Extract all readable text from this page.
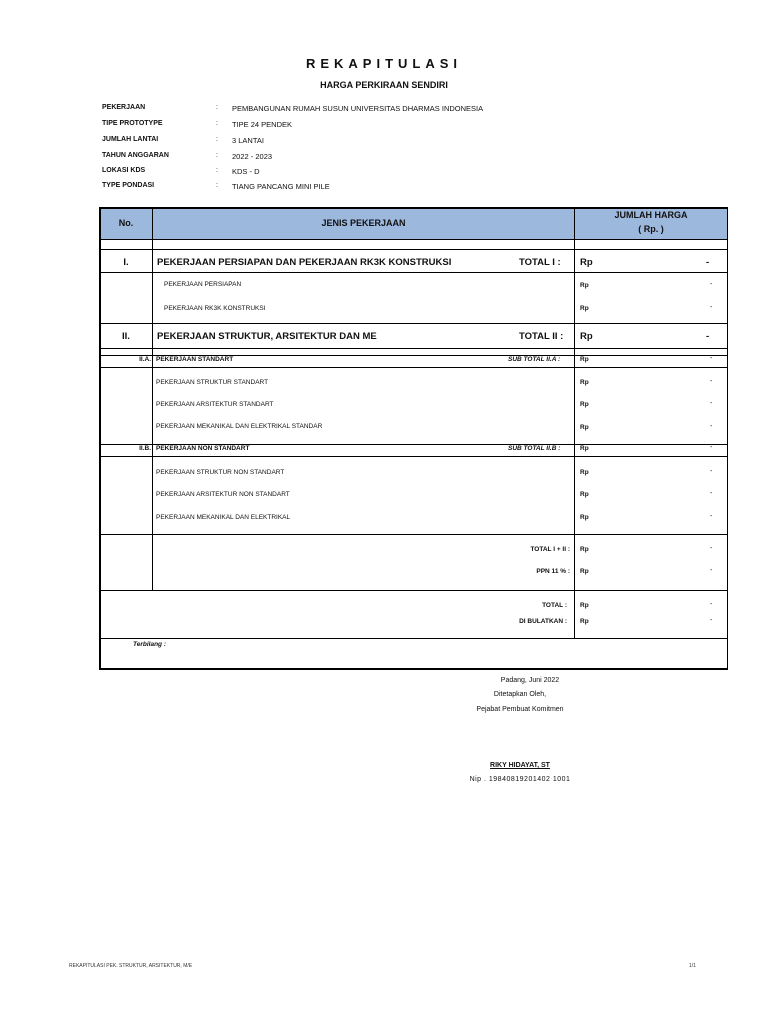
REKAPITULASI
HARGA PERKIRAAN SENDIRI
PEKERJAAN	: PEMBANGUNAN RUMAH SUSUN UNIVERSITAS DHARMAS INDONESIA
TIPE PROTOTYPE	: TIPE 24 PENDEK
JUMLAH LANTAI	: 3 LANTAI
TAHUN ANGGARAN	: 2022 - 2023
LOKASI KDS	: KDS - D
TYPE PONDASI	: TIANG PANCANG MINI PILE
No.	JENIS PEKERJAAN
JUMLAH HARGA
( Rp. )
I.	PEKERJAAN PERSIAPAN DAN PEKERJAAN RK3K KONSTRUKSI	TOTAL I : Rp	-
PEKERJAAN PERSIAPAN	Rp	-
PEKERJAAN RK3K KONSTRUKSI	Rp	-
II.	PEKERJAAN STRUKTUR, ARSITEKTUR DAN ME	TOTAL II : Rp	-
II.A. PEKERJAAN STANDART	SUB TOTAL II.A :	Rp	-
PEKERJAAN STRUKTUR STANDART	Rp	-
PEKERJAAN ARSITEKTUR STANDART	Rp	-
PEKERJAAN MEKANIKAL DAN ELEKTRIKAL STANDAR	Rp	-
II.B. PEKERJAAN NON STANDART	SUB TOTAL II.B :	Rp	-
PEKERJAAN STRUKTUR NON STANDART	Rp	-
PEKERJAAN ARSITEKTUR NON STANDART	Rp	-
PEKERJAAN MEKANIKAL DAN ELEKTRIKAL	Rp	-
TOTAL I + II : Rp	-
PPN 11 % : Rp	-
TOTAL : Rp	-
DI BULATKAN : Rp	-
Terbilang :
Padang, Juni 2022
Ditetapkan Oleh,
Pejabat Pembuat Komitmen
RIKY HIDAYAT, ST
Nip . 19840819201402 1001
REKAPITULASI PEK. STRUKTUR, ARSITEKTUR, M/E	1/1
